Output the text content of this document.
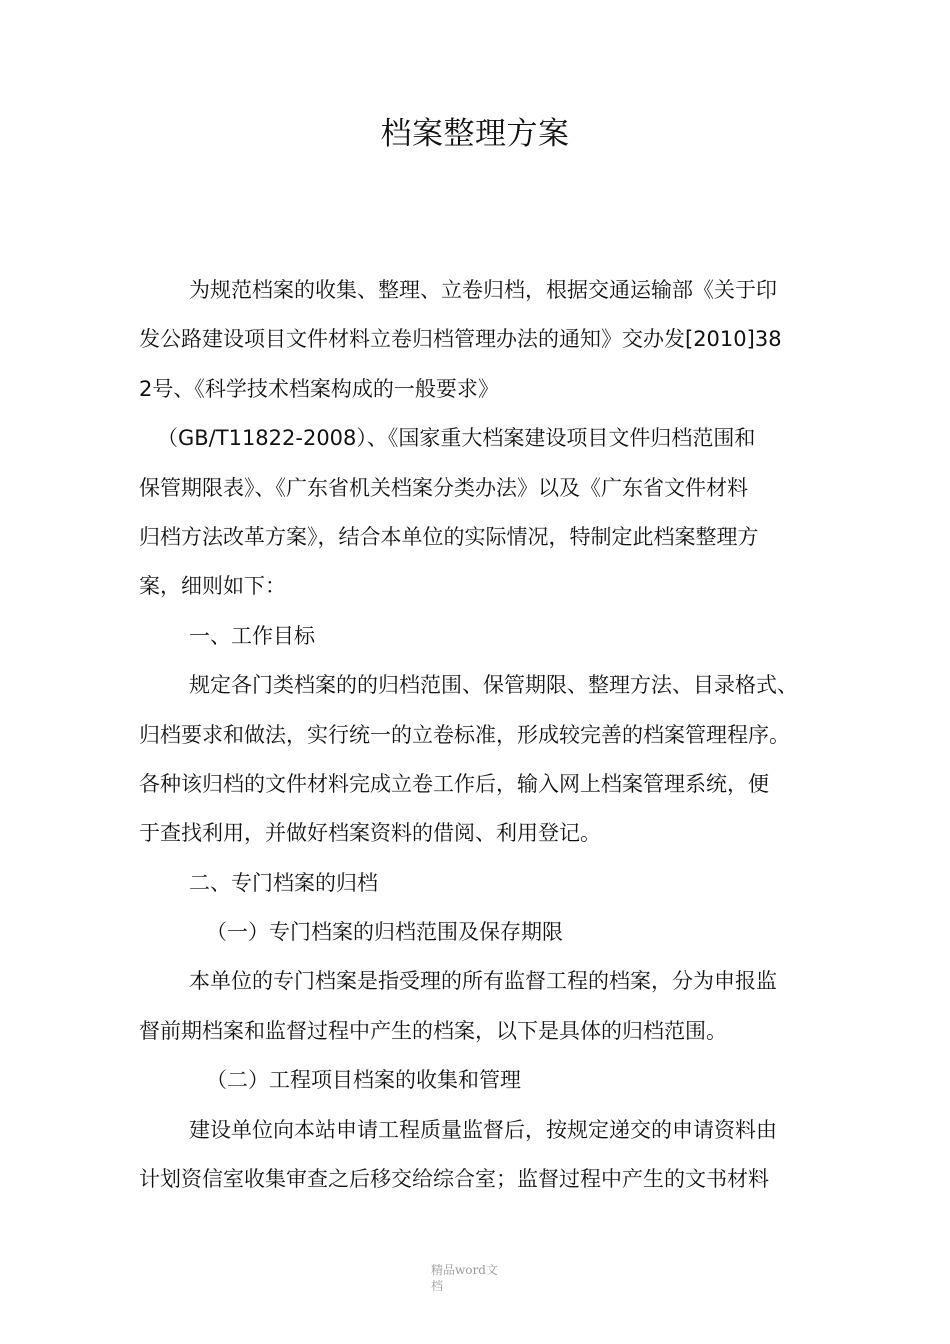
档案整理方案
为规范档案的收集、整理、立卷归档，根据交通运输部《关于印
发公路建设项目文件材料立卷归档管理办法的通知》交办发[2010]38
2号、《科学技术档案构成的一般要求》
（GB/T11822-2008）、《国家重大档案建设项目文件归档范围和
保管期限表》、《广东省机关档案分类办法》以及《广东省文件材料
归档方法改革方案》，结合本单位的实际情况，特制定此档案整理方
案，细则如下：
一、工作目标
规定各门类档案的的归档范围、保管期限、整理方法、目录格式、
归档要求和做法，实行统一的立卷标准，形成较完善的档案管理程序。
各种该归档的文件材料完成立卷工作后，输入网上档案管理系统，便
于查找利用，并做好档案资料的借阅、利用登记。
二、专门档案的归档
（一）专门档案的归档范围及保存期限
本单位的专门档案是指受理的所有监督工程的档案，分为申报监
督前期档案和监督过程中产生的档案，以下是具体的归档范围。
（二）工程项目档案的收集和管理
建设单位向本站申请工程质量监督后，按规定递交的申请资料由
计划资信室收集审查之后移交给综合室；监督过程中产生的文书材料
精品word文
档
